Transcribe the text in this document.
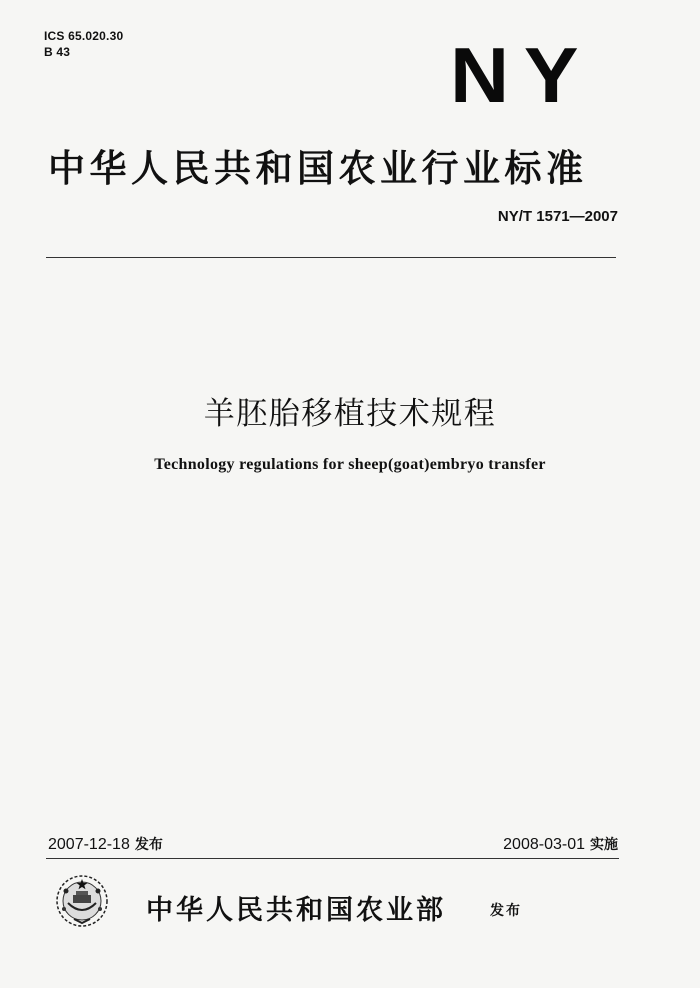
ICS 65.020.30
B 43	NY
中华人民共和国农业行业标准
NY/T 1571—2007
羊胚胎移植技术规程
Technology regulations for sheep(goat)embryo transfer
2007-12-18 发布	2008-03-01 实施
中华人民共和国农业部	发布
